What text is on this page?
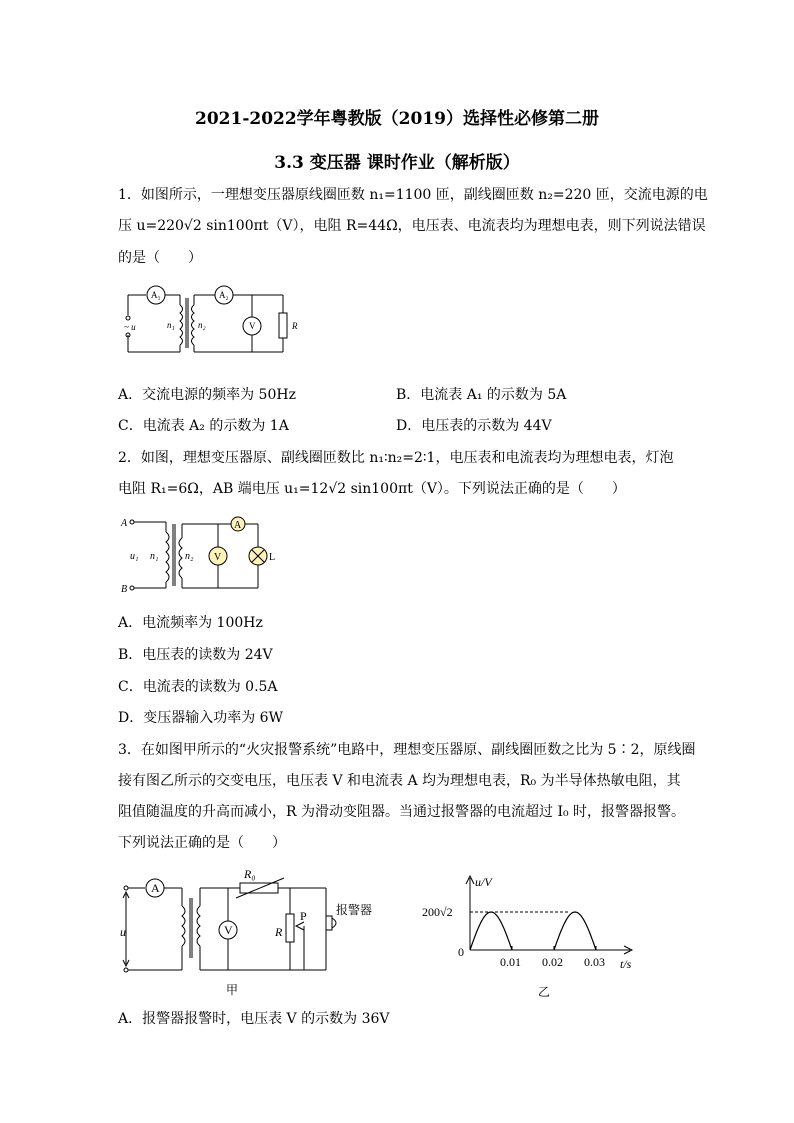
2021-2022学年粤教版（2019）选择性必修第二册
3.3 变压器 课时作业（解析版）
1．如图所示，一理想变压器原线圈匝数 n₁=1100 匝，副线圈匝数 n₂=220 匝，交流电源的电
压 u=220√2 sin100πt（V），电阻 R=44Ω，电压表、电流表均为理想电表，则下列说法错误
的是（　　）
A₁	A₂
~ u	n₁	n₂	V	R
A．交流电源的频率为 50Hz	B．电流表 A₁ 的示数为 5A
C．电流表 A₂ 的示数为 1A	D．电压表的示数为 44V
2．如图，理想变压器原、副线圈匝数比 n₁∶n₂=2∶1，电压表和电流表均为理想电表，灯泡
电阻 R₁=6Ω，AB 端电压 u₁=12√2 sin100πt（V）。下列说法正确的是（　　）
A
B
u₁ n₁	n₂
A
V	L
A．电流频率为 100Hz
B．电压表的读数为 24V
C．电流表的读数为 0.5A
D．变压器输入功率为 6W
3．在如图甲所示的“火灾报警系统”电路中，理想变压器原、副线圈匝数之比为 5∶2，原线圈
接有图乙所示的交变电压，电压表 V 和电流表 A 均为理想电表，R₀ 为半导体热敏电阻，其
阻值随温度的升高而减小，R 为滑动变阻器。当通过报警器的电流超过 I₀ 时，报警器报警。
下列说法正确的是（　　）
A
u	V
R₀
R
P 报警器
甲
u/V
200√2
0
0.01 0.02 0.03 t/s
乙
A．报警器报警时，电压表 V 的示数为 36V
